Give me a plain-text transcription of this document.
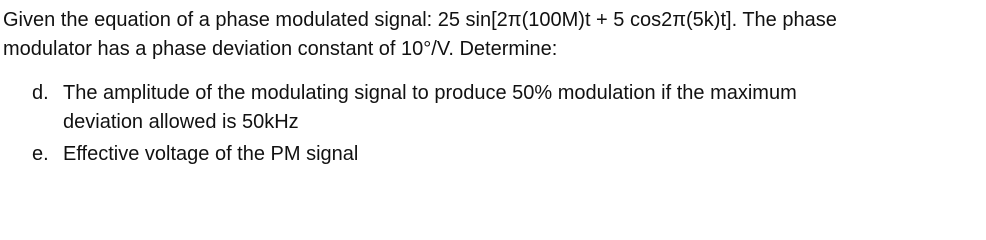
Given the equation of a phase modulated signal: 25 sin[2π(100M)t + 5 cos2π(5k)t]. The phase
modulator has a phase deviation constant of 10°/V. Determine:
d. The amplitude of the modulating signal to produce 50% modulation if the maximum
deviation allowed is 50kHz
e. Effective voltage of the PM signal
